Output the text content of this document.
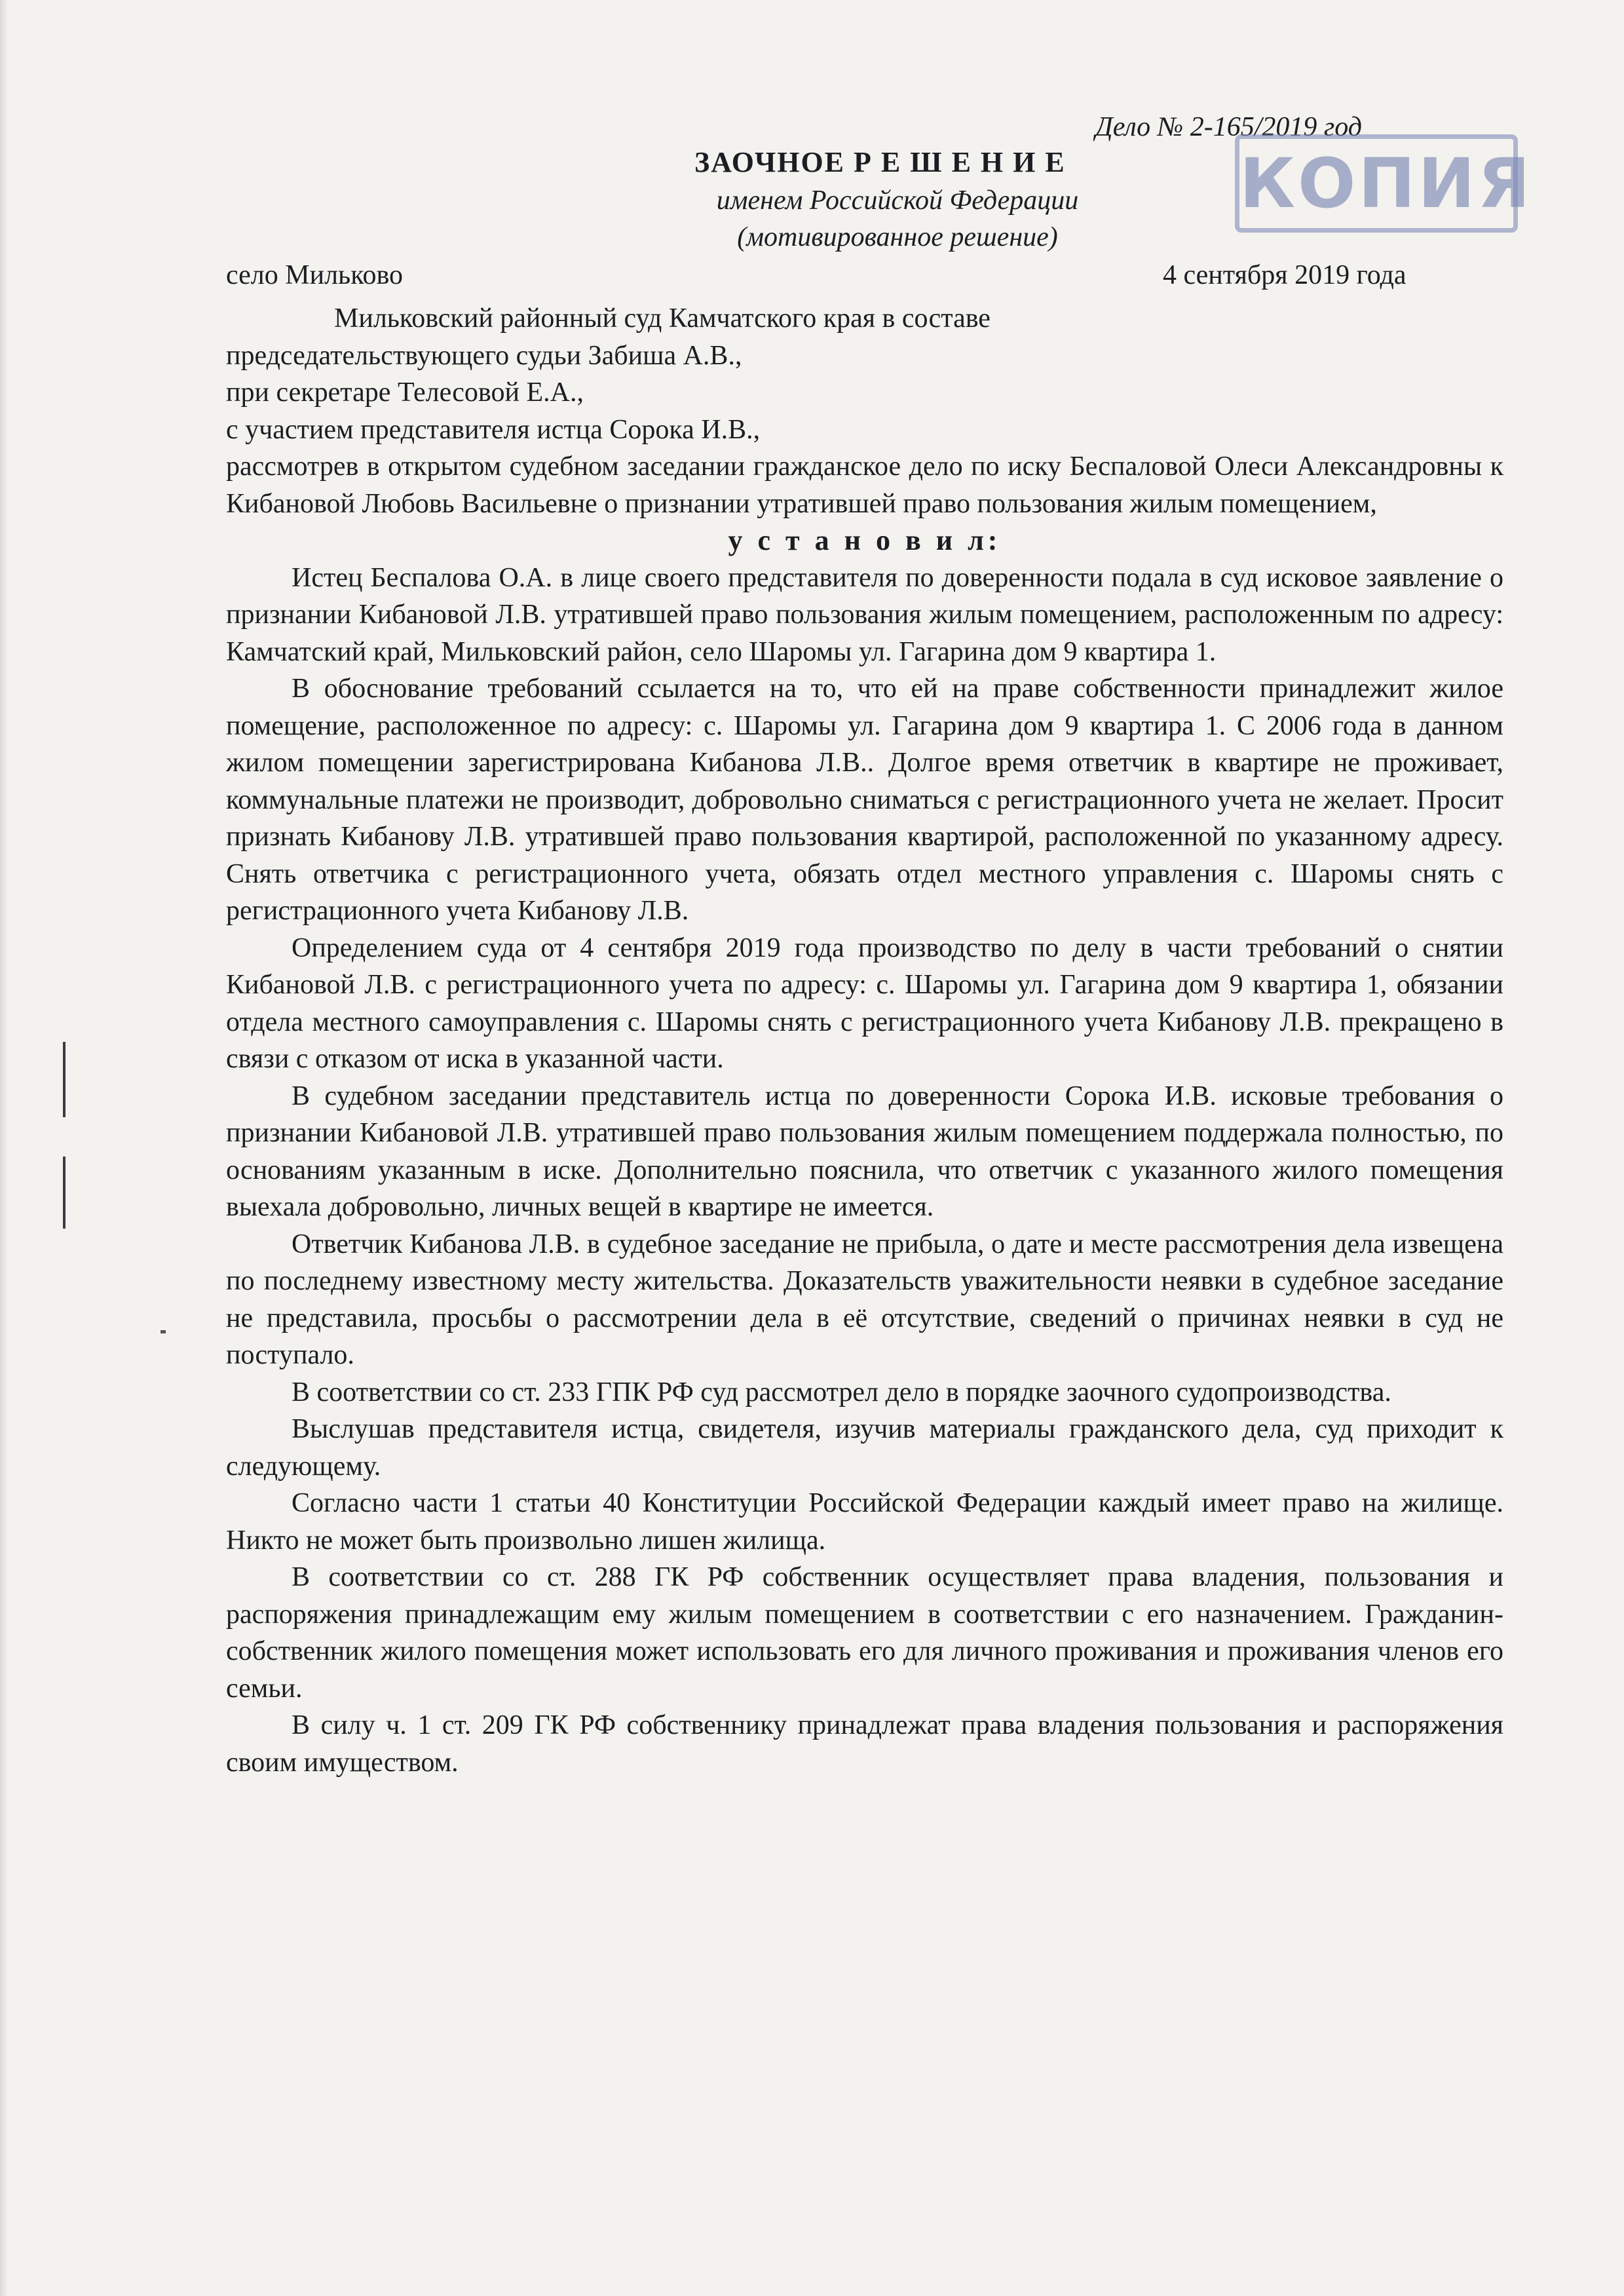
Дело № 2-165/2019 год
КОПИЯ
ЗАОЧНОЕ Р Е Ш Е Н И Е
именем Российской Федерации
(мотивированное решение)
село Мильково	4 сентября 2019 года

Мильковский районный суд Камчатского края в составе

председательствующего судьи Забиша А.В.,

при секретаре Телесовой Е.А.,

с участием представителя истца Сорока И.В.,

рассмотрев в открытом судебном заседании гражданское дело по иску Беспаловой Олеси Александровны к Кибановой Любовь Васильевне о признании утратившей право пользования жилым помещением,

у с т а н о в и л:

Истец Беспалова О.А. в лице своего представителя по доверенности подала в суд исковое заявление о признании Кибановой Л.В. утратившей право пользования жилым помещением, расположенным по адресу: Камчатский край, Мильковский район, село Шаромы ул. Гагарина дом 9 квартира 1.

В обоснование требований ссылается на то, что ей на праве собственности принадлежит жилое помещение, расположенное по адресу: с. Шаромы ул. Гагарина дом 9 квартира 1. С 2006 года в данном жилом помещении зарегистрирована Кибанова Л.В.. Долгое время ответчик в квартире не проживает, коммунальные платежи не производит, добровольно сниматься с регистрационного учета не желает. Просит признать Кибанову Л.В. утратившей право пользования квартирой, расположенной по указанному адресу. Снять ответчика с регистрационного учета, обязать отдел местного управления с. Шаромы снять с регистрационного учета Кибанову Л.В.

Определением суда от 4 сентября 2019 года производство по делу в части требований о снятии Кибановой Л.В. с регистрационного учета по адресу: с. Шаромы ул. Гагарина дом 9 квартира 1, обязании отдела местного самоуправления с. Шаромы снять с регистрационного учета Кибанову Л.В. прекращено в связи с отказом от иска в указанной части.

В судебном заседании представитель истца по доверенности Сорока И.В. исковые требования о признании Кибановой Л.В. утратившей право пользования жилым помещением поддержала полностью, по основаниям указанным в иске. Дополнительно пояснила, что ответчик с указанного жилого помещения выехала добровольно, личных вещей в квартире не имеется.

Ответчик Кибанова Л.В. в судебное заседание не прибыла, о дате и месте рассмотрения дела извещена по последнему известному месту жительства. Доказательств уважительности неявки в судебное заседание не представила, просьбы о рассмотрении дела в её отсутствие, сведений о причинах неявки в суд не поступало.

В соответствии со ст. 233 ГПК РФ суд рассмотрел дело в порядке заочного судопроизводства.

Выслушав представителя истца, свидетеля, изучив материалы гражданского дела, суд приходит к следующему.

Согласно части 1 статьи 40 Конституции Российской Федерации каждый имеет право на жилище. Никто не может быть произвольно лишен жилища.

В соответствии со ст. 288 ГК РФ собственник осуществляет права владения, пользования и распоряжения принадлежащим ему жилым помещением в соответствии с его назначением. Гражданин-собственник жилого помещения может использовать его для личного проживания и проживания членов его семьи.

В силу ч. 1 ст. 209 ГК РФ собственнику принадлежат права владения пользования и распоряжения своим имуществом.
